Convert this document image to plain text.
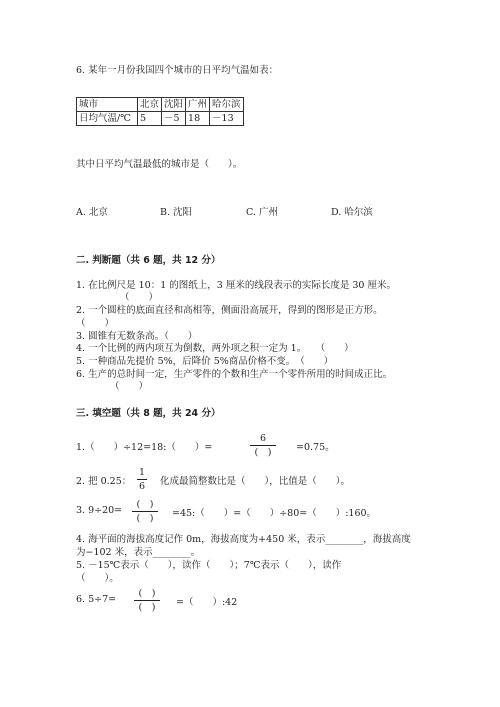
6. 某年一月份我国四个城市的日平均气温如表：
城市	北京	沈阳	广州	哈尔滨
日均气温/℃	5	－5	18	－13
其中日平均气温最低的城市是（　　）。
A. 北京	B. 沈阳	C. 广州	D. 哈尔滨
二. 判断题（共 6 题，共 12 分）
1. 在比例尺是 10：1 的图纸上，3 厘米的线段表示的实际长度是 30 厘米。
（　　）
2. 一个圆柱的底面直径和高相等，侧面沿高展开，得到的图形是正方形。
（　　）
3. 圆锥有无数条高。（　　）
4. 一个比例的两内项互为倒数，两外项之积一定为 1。　　（　　）
5. 一种商品先提价 5%，后降价 5%商品价格不变。　（　　）
6. 生产的总时间一定，生产零件的个数和生产一个零件所用的时间成正比。
（　　）
三. 填空题（共 8 题，共 24 分）
1.（　　）÷12=18:（　　）=
6
(　)	=0.75。
2. 把 0.25：
1
6 化成最简整数比是（　　），比值是（　　）。
3. 9÷20=
(　)
(　) =45:（　　）=（　　）÷80=（　　）:160。
4. 海平面的海拔高度记作 0m，海拔高度为+450 米，表示________，海拔高度
为−102 米，表示________。
5. －15℃表示（　　），读作（　　）；7℃表示（　　），读作
（　　）。
6. 5÷7=
(　)
(　) =（　　）:42
